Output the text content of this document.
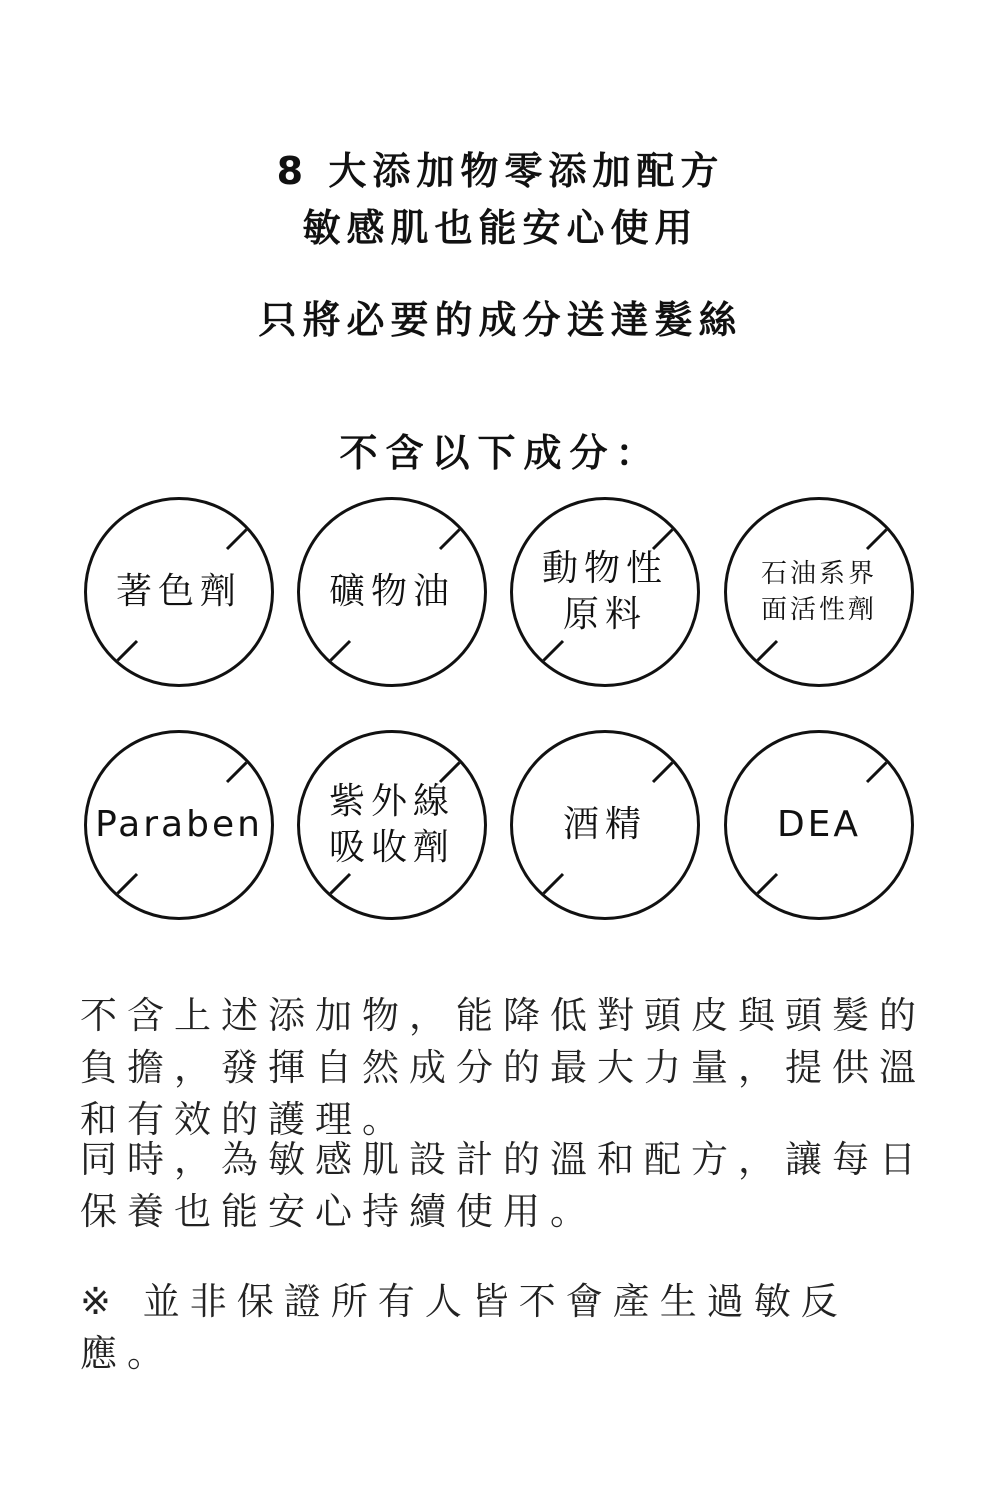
8 大添加物零添加配方
敏感肌也能安心使用
只將必要的成分送達髮絲
不含以下成分：
著色劑	礦物油
動物性
原料
石油系界
面活性劑
Paraben
紫外線
吸收劑
酒精	DEA

不含上述添加物，能降低對頭皮與頭髮的負擔，發揮自然成分的最大力量，提供溫和有效的護理。

同時，為敏感肌設計的溫和配方，讓每日保養也能安心持續使用。

※ 並非保證所有人皆不會產生過敏反應。
